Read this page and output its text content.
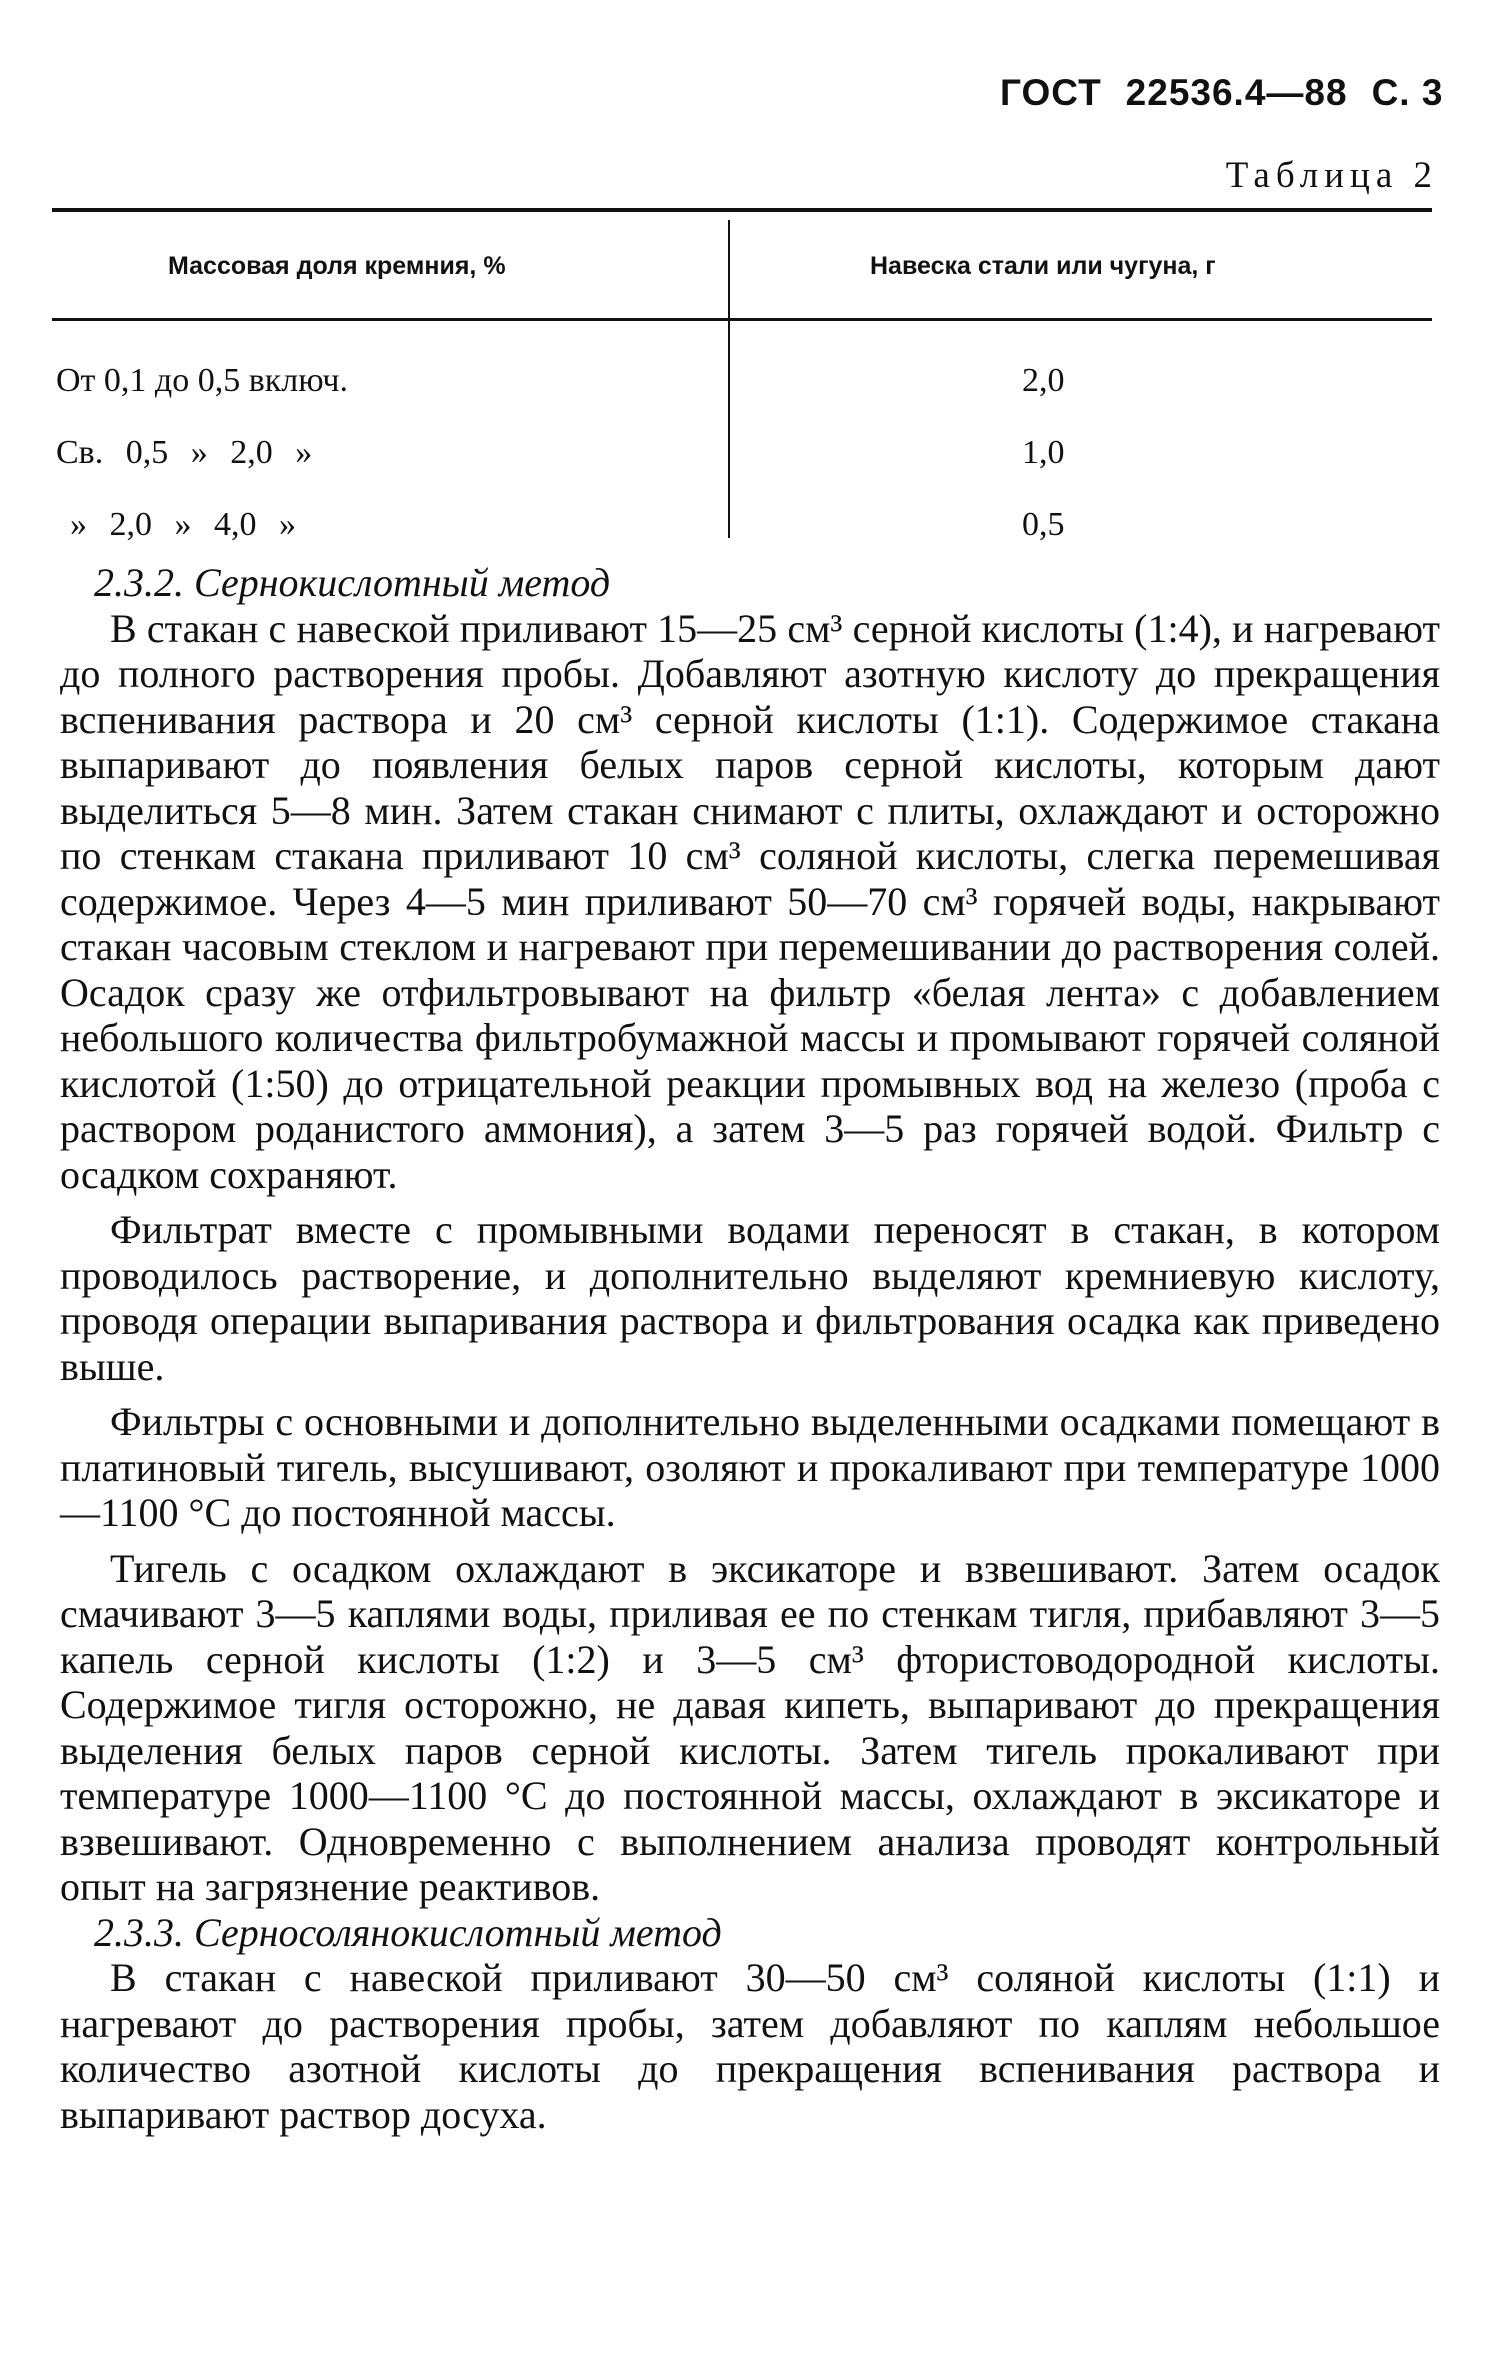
ГОСТ 22536.4—88 С. 3
Таблица 2
Массовая доля кремния, %	Навеска стали или чугуна, г
От 0,1 до 0,5 включ.	2,0
Св. 0,5 » 2,0 »	1,0
» 2,0 » 4,0 »	0,5

2.3.2. Сернокислотный метод

В стакан с навеской приливают 15—25 см³ серной кислоты (1:4), и нагревают до полного растворения пробы. Добавляют азотную кислоту до прекращения вспенивания раствора и 20 см³ серной кислоты (1:1). Содержимое стакана выпаривают до появления белых паров серной кислоты, которым дают выделиться 5—8 мин. Затем стакан снимают с плиты, охлаждают и осторожно по стенкам стакана приливают 10 см³ соляной кислоты, слегка перемешивая содержимое. Через 4—5 мин приливают 50—70 см³ горячей воды, накрывают стакан часовым стеклом и нагревают при перемешивании до растворения солей. Осадок сразу же отфильтровывают на фильтр «белая лента» с добавлением небольшого количества фильтробумажной массы и промывают горячей соляной кислотой (1:50) до отрицательной реакции промывных вод на железо (проба с раствором роданистого аммония), а затем 3—5 раз горячей водой. Фильтр с осадком сохраняют.

Фильтрат вместе с промывными водами переносят в стакан, в котором проводилось растворение, и дополнительно выделяют кремниевую кислоту, проводя операции выпаривания раствора и фильтрования осадка как приведено выше.

Фильтры с основными и дополнительно выделенными осадками помещают в платиновый тигель, высушивают, озоляют и прокаливают при температуре 1000—1100 °С до постоянной массы.

Тигель с осадком охлаждают в эксикаторе и взвешивают. Затем осадок смачивают 3—5 каплями воды, приливая ее по стенкам тигля, прибавляют 3—5 капель серной кислоты (1:2) и 3—5 см³ фтористоводородной кислоты. Содержимое тигля осторожно, не давая кипеть, выпаривают до прекращения выделения белых паров серной кислоты. Затем тигель прокаливают при температуре 1000—1100 °С до постоянной массы, охлаждают в эксикаторе и взвешивают. Одновременно с выполнением анализа проводят контрольный опыт на загрязнение реактивов.

2.3.3. Серносолянокислотный метод

В стакан с навеской приливают 30—50 см³ соляной кислоты (1:1) и нагревают до растворения пробы, затем добавляют по каплям небольшое количество азотной кислоты до прекращения вспенивания раствора и выпаривают раствор досуха.
